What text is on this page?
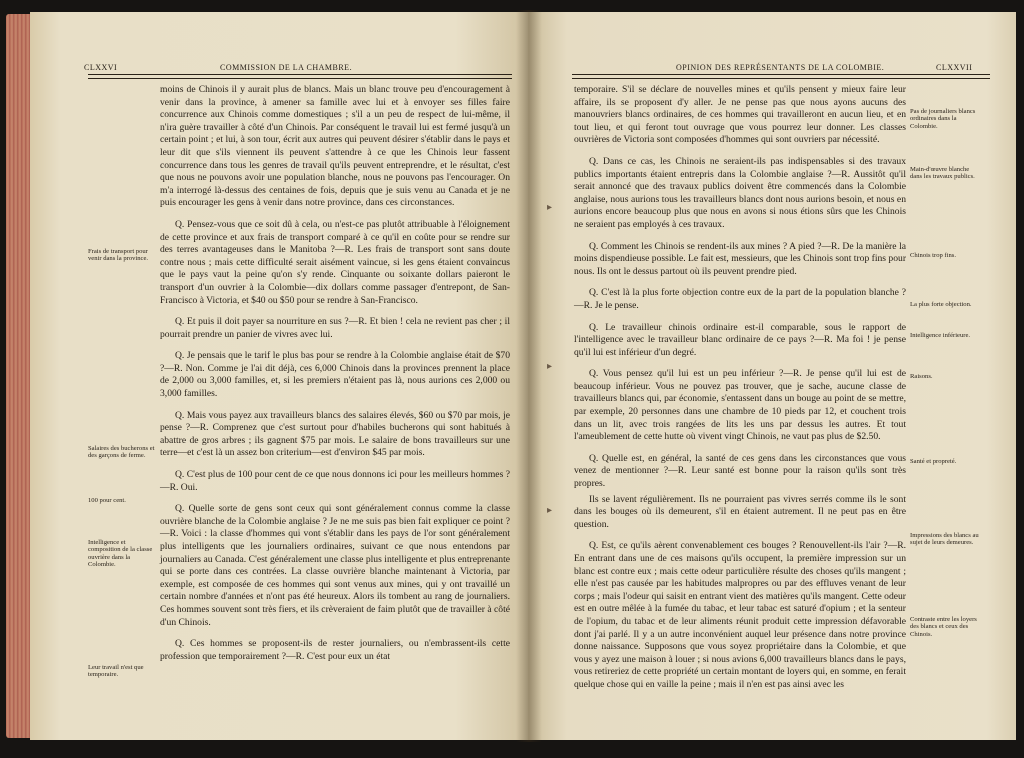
CLXXVI	COMMISSION DE LA CHAMBRE.

moins de Chinois il y aurait plus de blancs. Mais un blanc trouve peu d'encouragement à venir dans la province, à amener sa famille avec lui et à envoyer ses filles faire concurrence aux Chinois comme domestiques ; s'il a un peu de respect de lui-même, il n'ira guère travailler à côté d'un Chinois. Par conséquent le travail lui est fermé jusqu'à un certain point ; et lui, à son tour, écrit aux autres qui peuvent désirer s'établir dans le pays et leur dit que s'ils viennent ils peuvent s'attendre à ce que les Chinois leur fassent concurrence dans tous les genres de travail qu'ils peuvent entreprendre, et le résultat, c'est que nous ne pouvons avoir une population blanche, nous ne pouvons pas l'encourager. On m'a interrogé là-dessus des centaines de fois, depuis que je suis venu au Canada et je ne puis encourager les gens à venir dans notre province, dans ces circonstances.

Q. Pensez-vous que ce soit dû à cela, ou n'est-ce pas plutôt attribuable à l'éloignement de cette province et aux frais de transport comparé à ce qu'il en coûte pour se rendre sur des terres avantageuses dans le Manitoba ?—R. Les frais de transport sont sans doute contre nous ; mais cette difficulté serait aisément vaincue, si les gens étaient convaincus que le pays vaut la peine qu'on s'y rende. Cinquante ou soixante dollars paieront le transport d'un ouvrier à la Colombie—dix dollars comme passager d'entrepont, de San-Francisco à Victoria, et $40 ou $50 pour se rendre à San-Francisco.

Q. Et puis il doit payer sa nourriture en sus ?—R. Et bien ! cela ne revient pas cher ; il pourrait prendre un panier de vivres avec lui.

Q. Je pensais que le tarif le plus bas pour se rendre à la Colombie anglaise était de $70 ?—R. Non. Comme je l'ai dit déjà, ces 6,000 Chinois dans la provinces prennent la place de 2,000 ou 3,000 familles, et, si les premiers n'étaient pas là, nous aurions ces 2,000 ou 3,000 familles.

Q. Mais vous payez aux travailleurs blancs des salaires élevés, $60 ou $70 par mois, je pense ?—R. Comprenez que c'est surtout pour d'habiles bucherons qui sont habitués à abattre de gros arbres ; ils gagnent $75 par mois. Le salaire de bons travailleurs sur une terre—et c'est là un assez bon criterium—est d'environ $45 par mois.

Q. C'est plus de 100 pour cent de ce que nous donnons ici pour les meilleurs hommes ?—R. Oui.

Q. Quelle sorte de gens sont ceux qui sont généralement connus comme la classe ouvrière blanche de la Colombie anglaise ? Je ne me suis pas bien fait expliquer ce point ?—R. Voici : la classe d'hommes qui vont s'établir dans les pays de l'or sont généralement plus intelligents que les journaliers ordinaires, suivant ce que nous entendons par journaliers au Canada. C'est généralement une classe plus intelligente et plus entreprenante qui se porte dans ces contrées. La classe ouvrière blanche maintenant à Victoria, par exemple, est composée de ces hommes qui sont venus aux mines, qui y ont travaillé un certain nombre d'années et n'ont pas été heureux. Alors ils tombent au rang de journaliers. Ces hommes souvent sont très fiers, et ils crèveraient de faim plutôt que de travailler à côté d'un Chinois.

Q. Ces hommes se proposent-ils de rester journaliers, ou n'embrassent-ils cette profession que temporairement ?—R. C'est pour eux un état

Frais de transport pour venir dans la province.
Salaires des bucherons et des garçons de ferme.
100 pour cent.
Intelligence et composition de la classe ouvrière dans la Colombie.
Leur travail n'est que temporaire.
OPINION DES REPRÉSENTANTS DE LA COLOMBIE.	CLXXVII

temporaire. S'il se déclare de nouvelles mines et qu'ils pensent y mieux faire leur affaire, ils se proposent d'y aller. Je ne pense pas que nous ayons aucuns des manouvriers blancs ordinaires, de ces hommes qui travailleront en aucun lieu, et en tout lieu, et qui feront tout ouvrage que vous pourrez leur donner. Les classes ouvrières de Victoria sont composées d'hommes qui sont ouvriers par nécessité.

Q. Dans ce cas, les Chinois ne seraient-ils pas indispensables si des travaux publics importants étaient entrepris dans la Colombie anglaise ?—R. Aussitôt qu'il serait annoncé que des travaux publics doivent être commencés dans la Colombie anglaise, nous aurions tous les travailleurs blancs dont nous aurions besoin, et nous en aurions encore beaucoup plus que nous en avons si nous étions sûrs que les Chinois ne seraient pas employés à ces travaux.

Q. Comment les Chinois se rendent-ils aux mines ? A pied ?—R. De la manière la moins dispendieuse possible. Le fait est, messieurs, que les Chinois sont trop fins pour nous. Ils ont le dessus partout où ils peuvent prendre pied.

Q. C'est là la plus forte objection contre eux de la part de la population blanche ?—R. Je le pense.

Q. Le travailleur chinois ordinaire est-il comparable, sous le rapport de l'intelligence avec le travailleur blanc ordinaire de ce pays ?—R. Ma foi ! je pense qu'il lui est inférieur d'un degré.

Q. Vous pensez qu'il lui est un peu inférieur ?—R. Je pense qu'il lui est de beaucoup inférieur. Vous ne pouvez pas trouver, que je sache, aucune classe de travailleurs blancs qui, par économie, s'entassent dans un bouge au point de se mettre, par exemple, 20 personnes dans une chambre de 10 pieds par 12, et couchent trois dans un lit, avec trois rangées de lits les uns par dessus les autres. Et tout l'ameublement de cette hutte où vivent vingt Chinois, ne vaut pas plus de $2.50.

Q. Quelle est, en général, la santé de ces gens dans les circonstances que vous venez de mentionner ?—R. Leur santé est bonne pour la raison qu'ils sont très propres.

Ils se lavent régulièrement. Ils ne pourraient pas vivres serrés comme ils le sont dans les bouges où ils demeurent, s'il en étaient autrement. Il ne peut pas en être question.

Q. Est, ce qu'ils aèrent convenablement ces bouges ? Renouvellent-ils l'air ?—R. En entrant dans une de ces maisons qu'ils occupent, la première impression sur un blanc est contre eux ; mais cette odeur particulière résulte des choses qu'ils mangent ; elle n'est pas causée par les habitudes malpropres ou par des effluves venant de leur corps ; mais l'odeur qui saisit en entrant vient des matières qu'ils mangent. Cette odeur est en outre mêlée à la fumée du tabac, et leur tabac est saturé d'opium ; et la senteur de l'opium, du tabac et de leur aliments réunit produit cette impression défavorable dont j'ai parlé. Il y a un autre inconvénient auquel leur présence dans notre province donne naissance. Supposons que vous soyez propriétaire dans la Colombie, et que vous y ayez une maison à louer ; si nous avions 6,000 travailleurs blancs dans le pays, vous retireriez de cette propriété un certain montant de loyers qui, en somme, en ferait quelque chose qui en vaille la peine ; mais il n'en est pas ainsi avec les

Pas de journaliers blancs ordinaires dans la Colombie.
Main-d'œuvre blanche dans les travaux publics.
Chinois trop fins.
La plus forte objection.
Intelligence inférieure.
Raisons.
Santé et propreté.
Impressions des blancs au sujet de leurs demeures.
Contraste entre les loyers des blancs et ceux des Chinois.
▸
▸
▸
